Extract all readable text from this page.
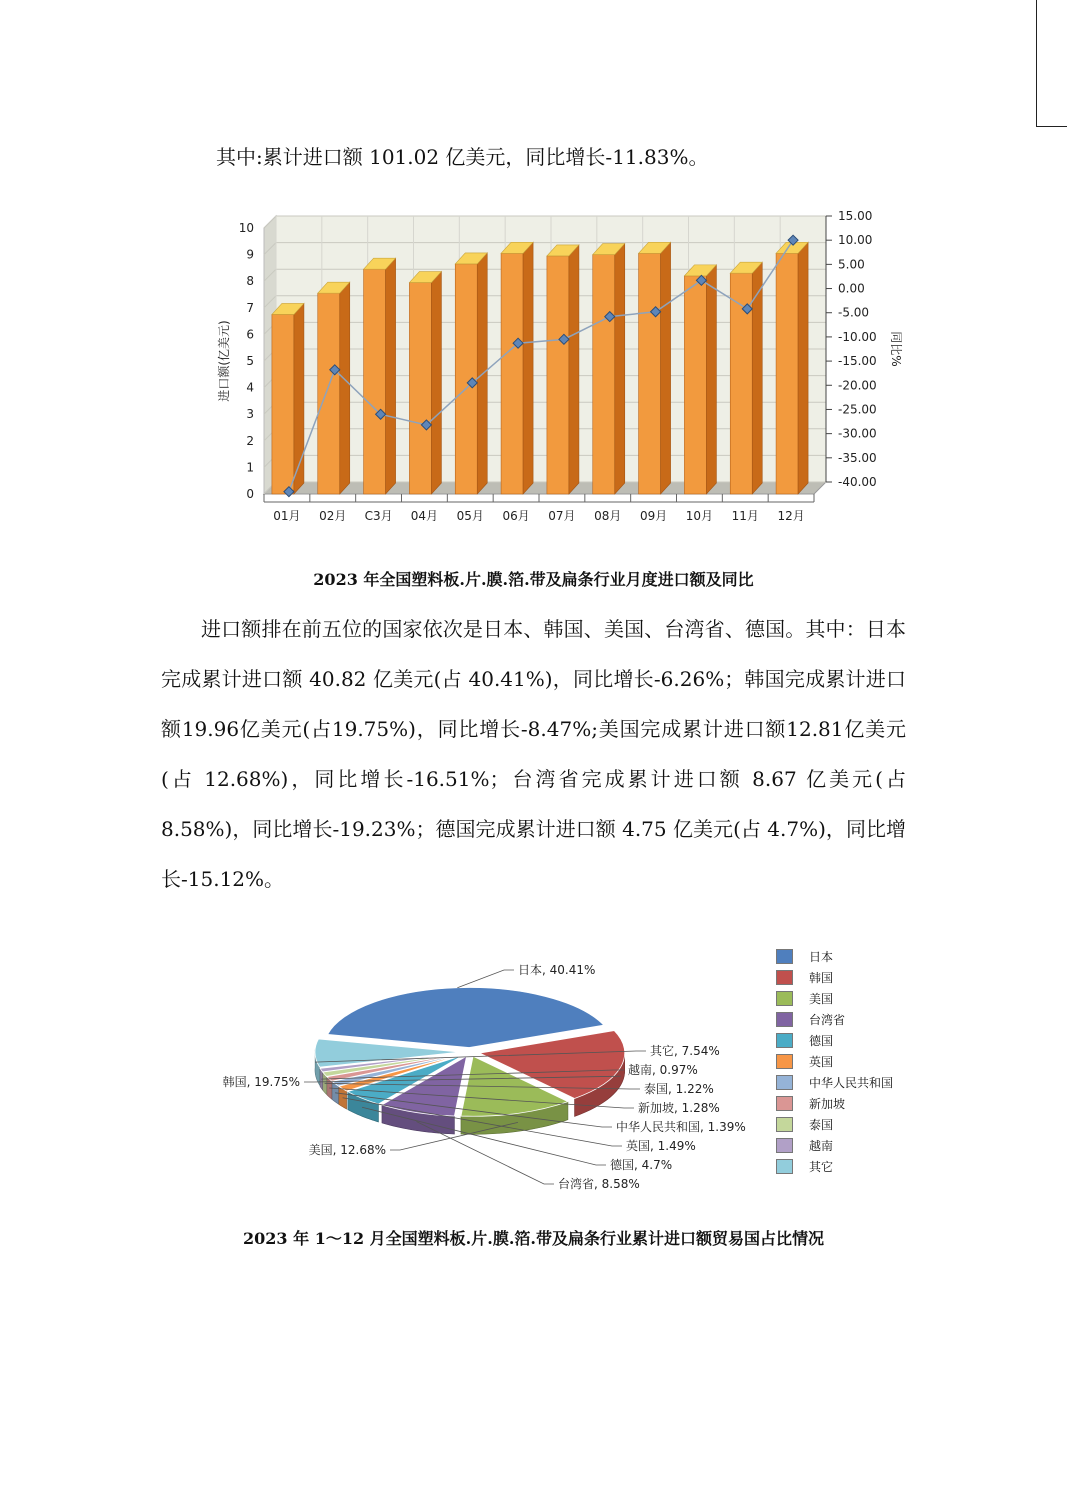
其中:累计进口额 101.02 亿美元，同比增长-11.83%。
0
1
2
3
4
5
6
7
8
9
10
15.00
10.00
5.00
0.00
-5.00
-10.00
-15.00
-20.00
-25.00
-30.00
-35.00
-40.00
进口额(亿美元)	同比%
01月 02月 C3月 04月 05月 06月 07月 08月 09月 10月 11月 12月
2023 年全国塑料板.片.膜.箔.带及扁条行业月度进口额及同比

进口额排在前五位的国家依次是日本、韩国、美国、台湾省、德国。其中：日本完成累计进口额 40.82 亿美元(占 40.41%)，同比增长-6.26%；韩国完成累计进口额19.96亿美元(占19.75%)，同比增长-8.47%;美国完成累计进口额12.81亿美元(占 12.68%)，同比增长-16.51%；台湾省完成累计进口额 8.67 亿美元(占8.58%)，同比增长-19.23%；德国完成累计进口额 4.75 亿美元(占 4.7%)，同比增长-15.12%。

日本, 40.41%
韩国, 19.75%
美国, 12.68%
台湾省, 8.58%
德国, 4.7%
英国, 1.49%
中华人民共和国, 1.39%
新加坡, 1.28%
泰国, 1.22%
越南, 0.97%
其它, 7.54%
日本
韩国
美国
台湾省
德国
英国
中华人民共和国
新加坡
泰国
越南
其它
2023 年 1～12 月全国塑料板.片.膜.箔.带及扁条行业累计进口额贸易国占比情况
